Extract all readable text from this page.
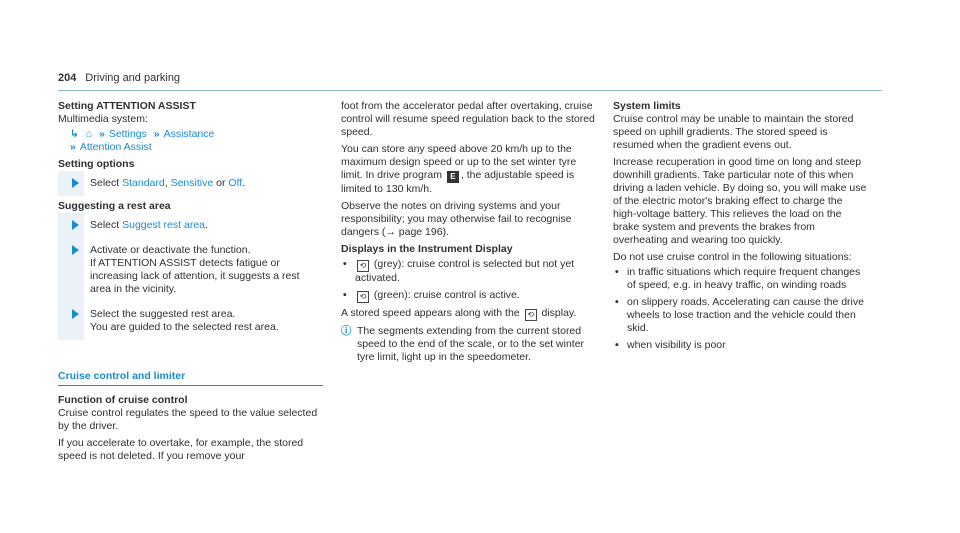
204 Driving and parking
Setting ATTENTION ASSIST

Multimedia system:

↳ ⌂ » Settings » Assistance
» Attention Assist
Setting options
Select Standard, Sensitive or Off.
Suggesting a rest area
Select Suggest rest area.

Activate or deactivate the function.

If ATTENTION ASSIST detects fatigue or increasing lack of attention, it suggests a rest area in the vicinity.

Select the suggested rest area.

You are guided to the selected rest area.

Cruise control and limiter
Function of cruise control

Cruise control regulates the speed to the value selected by the driver.

If you accelerate to overtake, for example, the stored speed is not deleted. If you remove your

foot from the accelerator pedal after overtaking, cruise control will resume speed regulation back to the stored speed.

You can store any speed above 20 km/h up to the maximum design speed or up to the set winter tyre limit. In drive program E , the adjustable speed is limited to 130 km/h.

Observe the notes on driving systems and your responsibility; you may otherwise fail to recognise dangers (→ page 196).

Displays in the Instrument Display
• ⟲ (grey): cruise control is selected but not yet activated.
• ⟲ (green): cruise control is active.

A stored speed appears along with the ⟲ display.

ⓘ The segments extending from the current stored speed to the end of the scale, or to the set winter tyre limit, light up in the speedometer.
System limits

Cruise control may be unable to maintain the stored speed on uphill gradients. The stored speed is resumed when the gradient evens out.

Increase recuperation in good time on long and steep downhill gradients. Take particular note of this when driving a laden vehicle. By doing so, you will make use of the electric motor's braking effect to charge the high-voltage battery. This relieves the load on the brake system and prevents the brakes from overheating and wearing too quickly.

Do not use cruise control in the following situations:

• in traffic situations which require frequent changes of speed, e.g. in heavy traffic, on winding roads
• on slippery roads. Accelerating can cause the drive wheels to lose traction and the vehicle could then skid.
• when visibility is poor
